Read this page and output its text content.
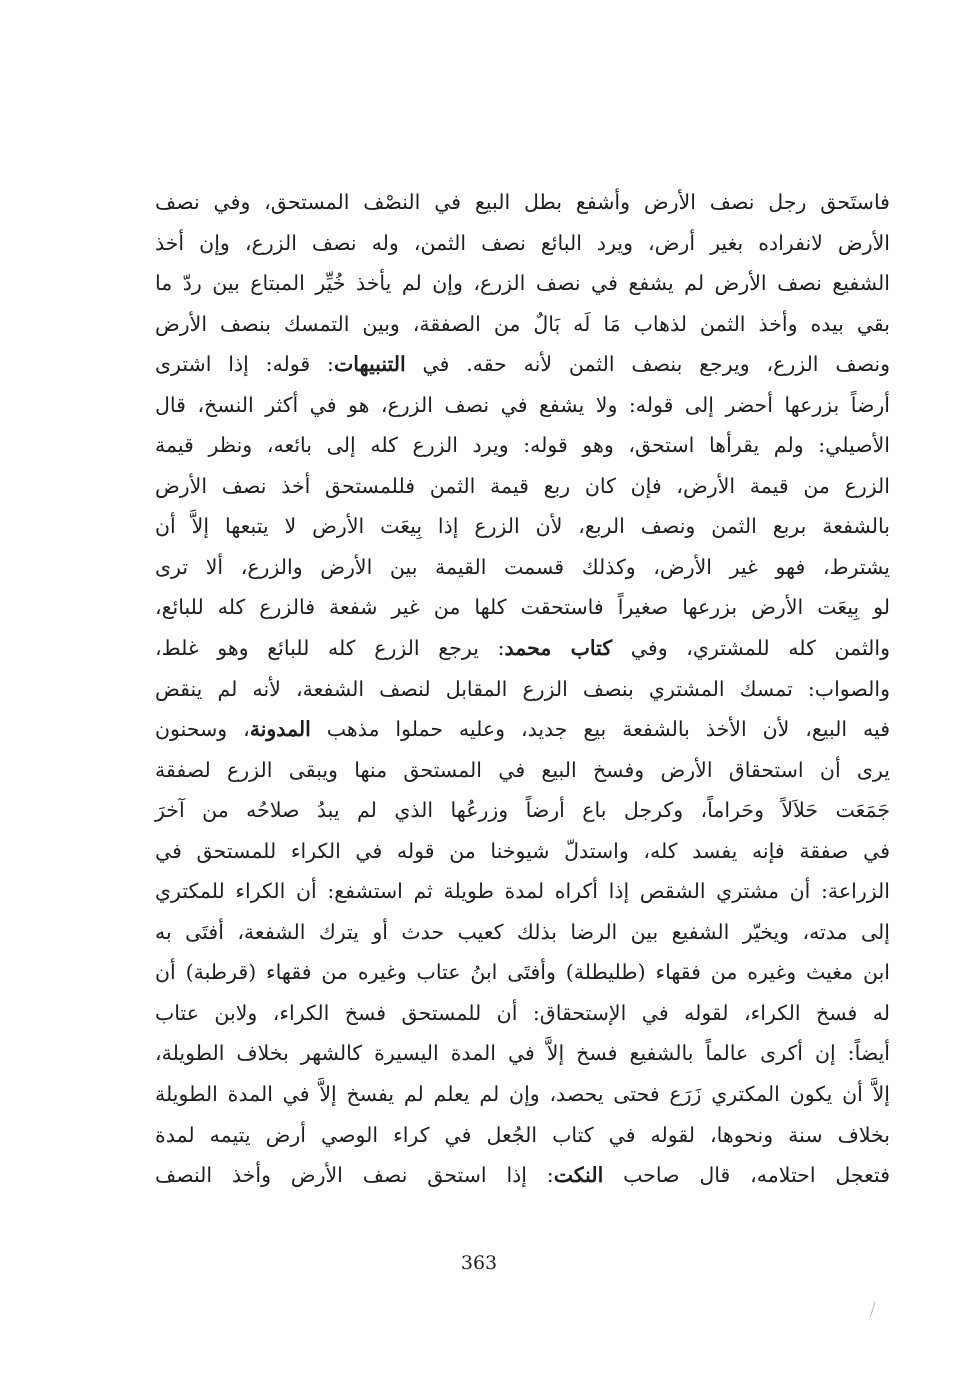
فاستَحق رجل نصف الأرض وأشفع بطل البيع في النصْف المستحق، وفي نصف
الأرض لانفراده بغير أرض، ويرد البائع نصف الثمن، وله نصف الزرع، وإن أخذ
الشفيع نصف الأرض لم يشفع في نصف الزرع، وإن لم يأخذ خُيِّر المبتاع بين ردّ ما
بقي بيده وأخذ الثمن لذهاب مَا لَه بَالٌ من الصفقة، وبين التمسك بنصف الأرض
ونصف الزرع، ويرجع بنصف الثمن لأنه حقه. في التنبيهات: قوله: إذا اشترى
أرضاً بزرعها أحضر إلى قوله: ولا يشفع في نصف الزرع، هو في أكثر النسخ، قال
الأصيلي: ولم يقرأها استحق، وهو قوله: ويرد الزرع كله إلى بائعه، ونظر قيمة
الزرع من قيمة الأرض، فإن كان ربع قيمة الثمن فللمستحق أخذ نصف الأرض
بالشفعة بربع الثمن ونصف الربع، لأن الزرع إذا بِيعَت الأرض لا يتبعها إلاَّ أن
يشترط، فهو غير الأرض، وكذلك قسمت القيمة بين الأرض والزرع، ألا ترى
لو بِيعَت الأرض بزرعها صغيراً فاستحقت كلها من غير شفعة فالزرع كله للبائع،
والثمن كله للمشتري، وفي كتاب محمد: يرجع الزرع كله للبائع وهو غلط،
والصواب: تمسك المشتري بنصف الزرع المقابل لنصف الشفعة، لأنه لم ينقض
فيه البيع، لأن الأخذ بالشفعة بيع جديد، وعليه حملوا مذهب المدونة، وسحنون
يرى أن استحقاق الأرض وفسخ البيع في المستحق منها ويبقى الزرع لصفقة
جَمَعَت حَلاَلاً وحَراماً، وكرجل باع أرضاً وزرعُها الذي لم يبدُ صلاحُه من آخرَ
في صفقة فإنه يفسد كله، واستدلّ شيوخنا من قوله في الكراء للمستحق في
الزراعة: أن مشتري الشقص إذا أكراه لمدة طويلة ثم استشفع: أن الكراء للمكتري
إلى مدته، ويخيّر الشفيع بين الرضا بذلك كعيب حدث أو يترك الشفعة، أفتَى به
ابن مغيث وغيره من فقهاء (طليطلة) وأفتَى ابنُ عتاب وغيره من فقهاء (قرطبة) أن
له فسخ الكراء، لقوله في الإستحقاق: أن للمستحق فسخ الكراء، ولابن عتاب
أيضاً: إن أكرى عالماً بالشفيع فسخ إلاَّ في المدة اليسيرة كالشهر بخلاف الطويلة،
إلاَّ أن يكون المكتري زَرَع فحتى يحصد، وإن لم يعلم لم يفسخ إلاَّ في المدة الطويلة
بخلاف سنة ونحوها، لقوله في كتاب الجُعل في كراء الوصي أرض يتيمه لمدة
فتعجل احتلامه، قال صاحب النكت: إذا استحق نصف الأرض وأخذ النصف
363
